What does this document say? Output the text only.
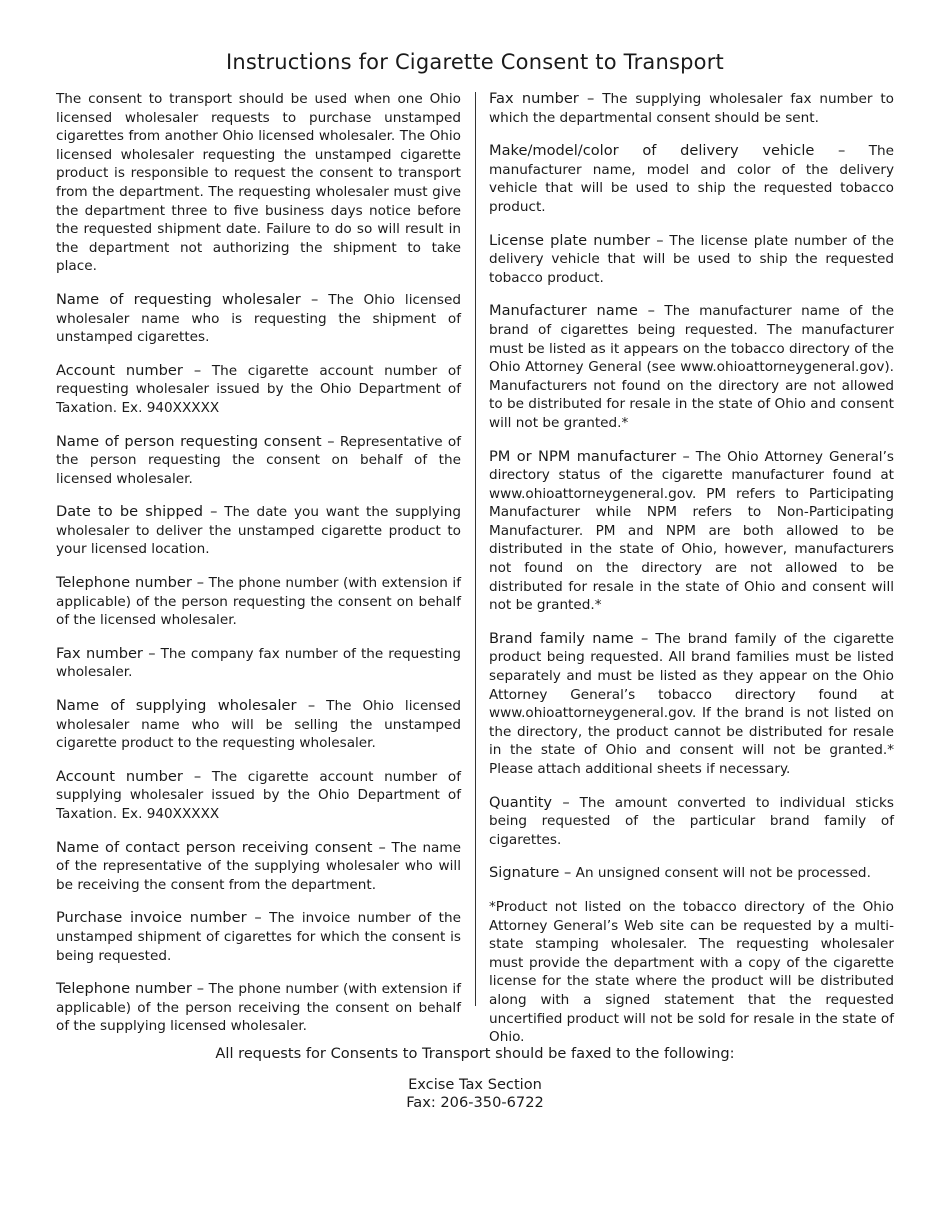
Instructions for Cigarette Consent to Transport

The consent to transport should be used when one Ohio licensed wholesaler requests to purchase unstamped cigarettes from another Ohio licensed wholesaler. The Ohio licensed wholesaler requesting the unstamped cigarette product is responsible to request the consent to transport from the department. The requesting wholesaler must give the department three to five business days notice before the requested shipment date. Failure to do so will result in the department not authorizing the shipment to take place.

Name of requesting wholesaler – The Ohio licensed wholesaler name who is requesting the shipment of unstamped cigarettes.

Account number – The cigarette account number of requesting wholesaler issued by the Ohio Department of Taxation. Ex. 940XXXXX

Name of person requesting consent – Representative of the person requesting the consent on behalf of the licensed wholesaler.

Date to be shipped – The date you want the supplying wholesaler to deliver the unstamped cigarette product to your licensed location.

Telephone number – The phone number (with extension if applicable) of the person requesting the consent on behalf of the licensed wholesaler.

Fax number – The company fax number of the requesting wholesaler.

Name of supplying wholesaler – The Ohio licensed wholesaler name who will be selling the unstamped cigarette product to the requesting wholesaler.

Account number – The cigarette account number of supplying wholesaler issued by the Ohio Department of Taxation. Ex. 940XXXXX

Name of contact person receiving consent – The name of the representative of the supplying wholesaler who will be receiving the consent from the department.

Purchase invoice number – The invoice number of the unstamped shipment of cigarettes for which the consent is being requested.

Telephone number – The phone number (with extension if applicable) of the person receiving the consent on behalf of the supplying licensed wholesaler.

Fax number – The supplying wholesaler fax number to which the departmental consent should be sent.

Make/model/color of delivery vehicle – The manufacturer name, model and color of the delivery vehicle that will be used to ship the requested tobacco product.

License plate number – The license plate number of the delivery vehicle that will be used to ship the requested tobacco product.

Manufacturer name – The manufacturer name of the brand of cigarettes being requested. The manufacturer must be listed as it appears on the tobacco directory of the Ohio Attorney General (see www.ohioattorneygeneral.gov). Manufacturers not found on the directory are not allowed to be distributed for resale in the state of Ohio and consent will not be granted.*

PM or NPM manufacturer – The Ohio Attorney General’s directory status of the cigarette manufacturer found at www.ohioattorneygeneral.gov. PM refers to Participating Manufacturer while NPM refers to Non-Participating Manufacturer. PM and NPM are both allowed to be distributed in the state of Ohio, however, manufacturers not found on the directory are not allowed to be distributed for resale in the state of Ohio and consent will not be granted.*

Brand family name – The brand family of the cigarette product being requested. All brand families must be listed separately and must be listed as they appear on the Ohio Attorney General’s tobacco directory found at www.ohioattorneygeneral.gov. If the brand is not listed on the directory, the product cannot be distributed for resale in the state of Ohio and consent will not be granted.* Please attach additional sheets if necessary.

Quantity – The amount converted to individual sticks being requested of the particular brand family of cigarettes.

Signature – An unsigned consent will not be processed.

*Product not listed on the tobacco directory of the Ohio Attorney General’s Web site can be requested by a multi-state stamping wholesaler. The requesting wholesaler must provide the department with a copy of the cigarette license for the state where the product will be distributed along with a signed statement that the requested uncertified product will not be sold for resale in the state of Ohio.

All requests for Consents to Transport should be faxed to the following:
Excise Tax Section
Fax: 206-350-6722
